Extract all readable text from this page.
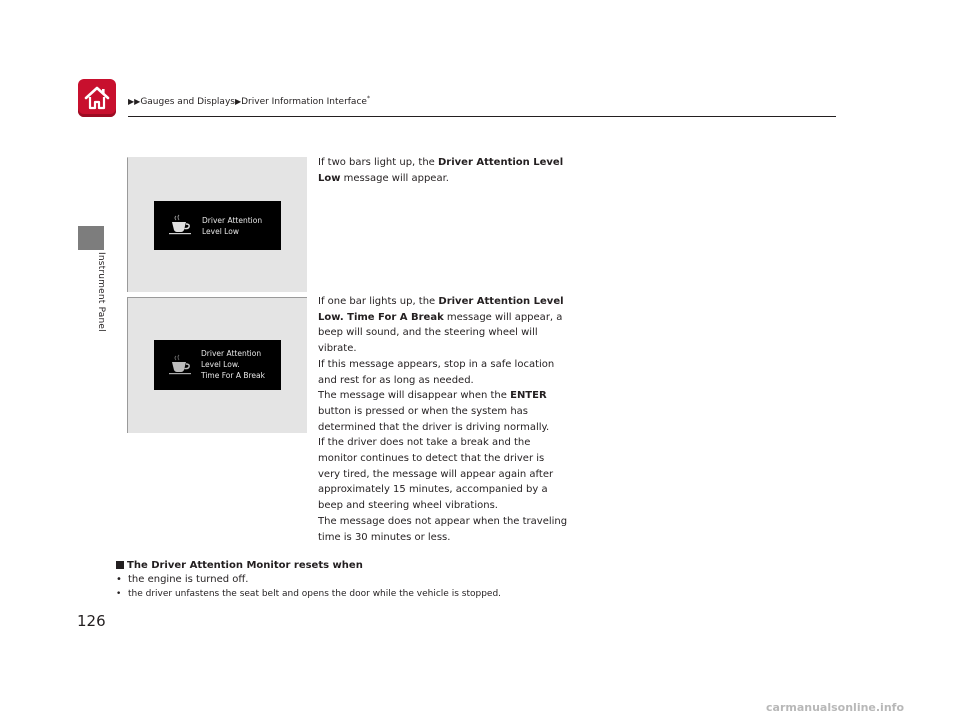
Instrument Panel
▶▶Gauges and Displays▶Driver Information Interface*
Driver Attention
Level Low
Driver Attention
Level Low.
Time For A Break
If two bars light up, the Driver Attention Level Low message will appear.
If one bar lights up, the Driver Attention Level Low. Time For A Break message will appear, a beep will sound, and the steering wheel will vibrate.
If this message appears, stop in a safe location and rest for as long as needed.
The message will disappear when the ENTER button is pressed or when the system has determined that the driver is driving normally.
If the driver does not take a break and the monitor continues to detect that the driver is very tired, the message will appear again after approximately 15 minutes, accompanied by a beep and steering wheel vibrations.
The message does not appear when the traveling time is 30 minutes or less.
The Driver Attention Monitor resets when
• the engine is turned off.
• the driver unfastens the seat belt and opens the door while the vehicle is stopped.
126
carmanualsonline.info
